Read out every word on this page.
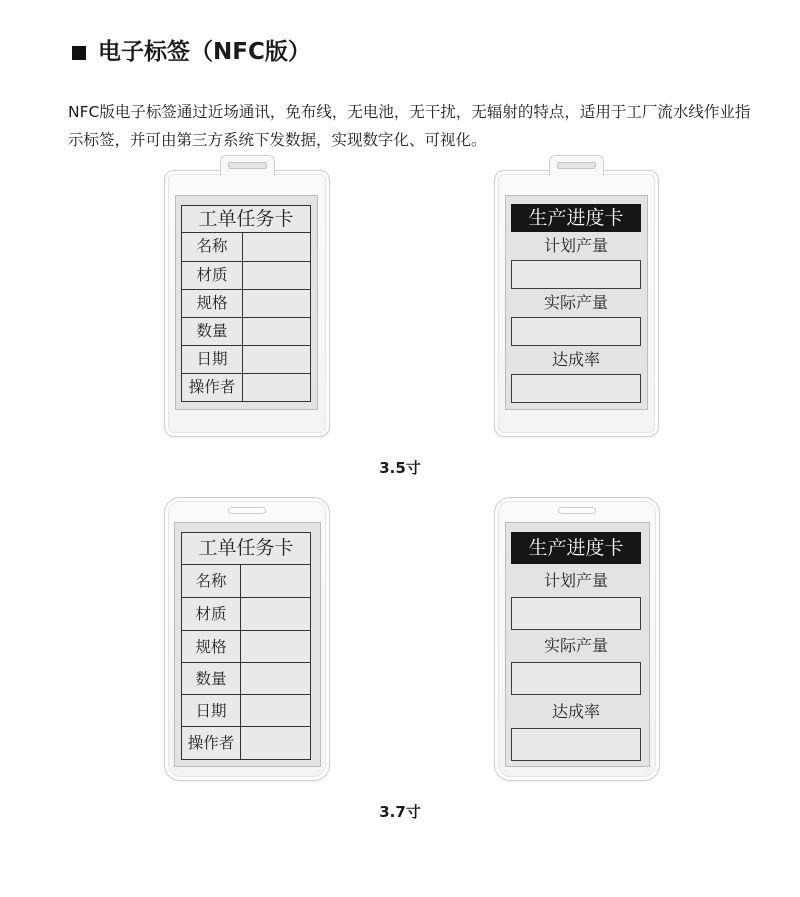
电子标签（NFC版）
NFC版电子标签通过近场通讯，免布线，无电池，无干扰，无辐射的特点，适用于工厂流水线作业指
示标签，并可由第三方系统下发数据，实现数字化、可视化。
工单任务卡
名称
材质
规格
数量
日期
操作者
生产进度卡
计划产量
实际产量
达成率
3.5寸
工单任务卡
名称
材质
规格
数量
日期
操作者
生产进度卡
计划产量
实际产量
达成率
3.7寸
